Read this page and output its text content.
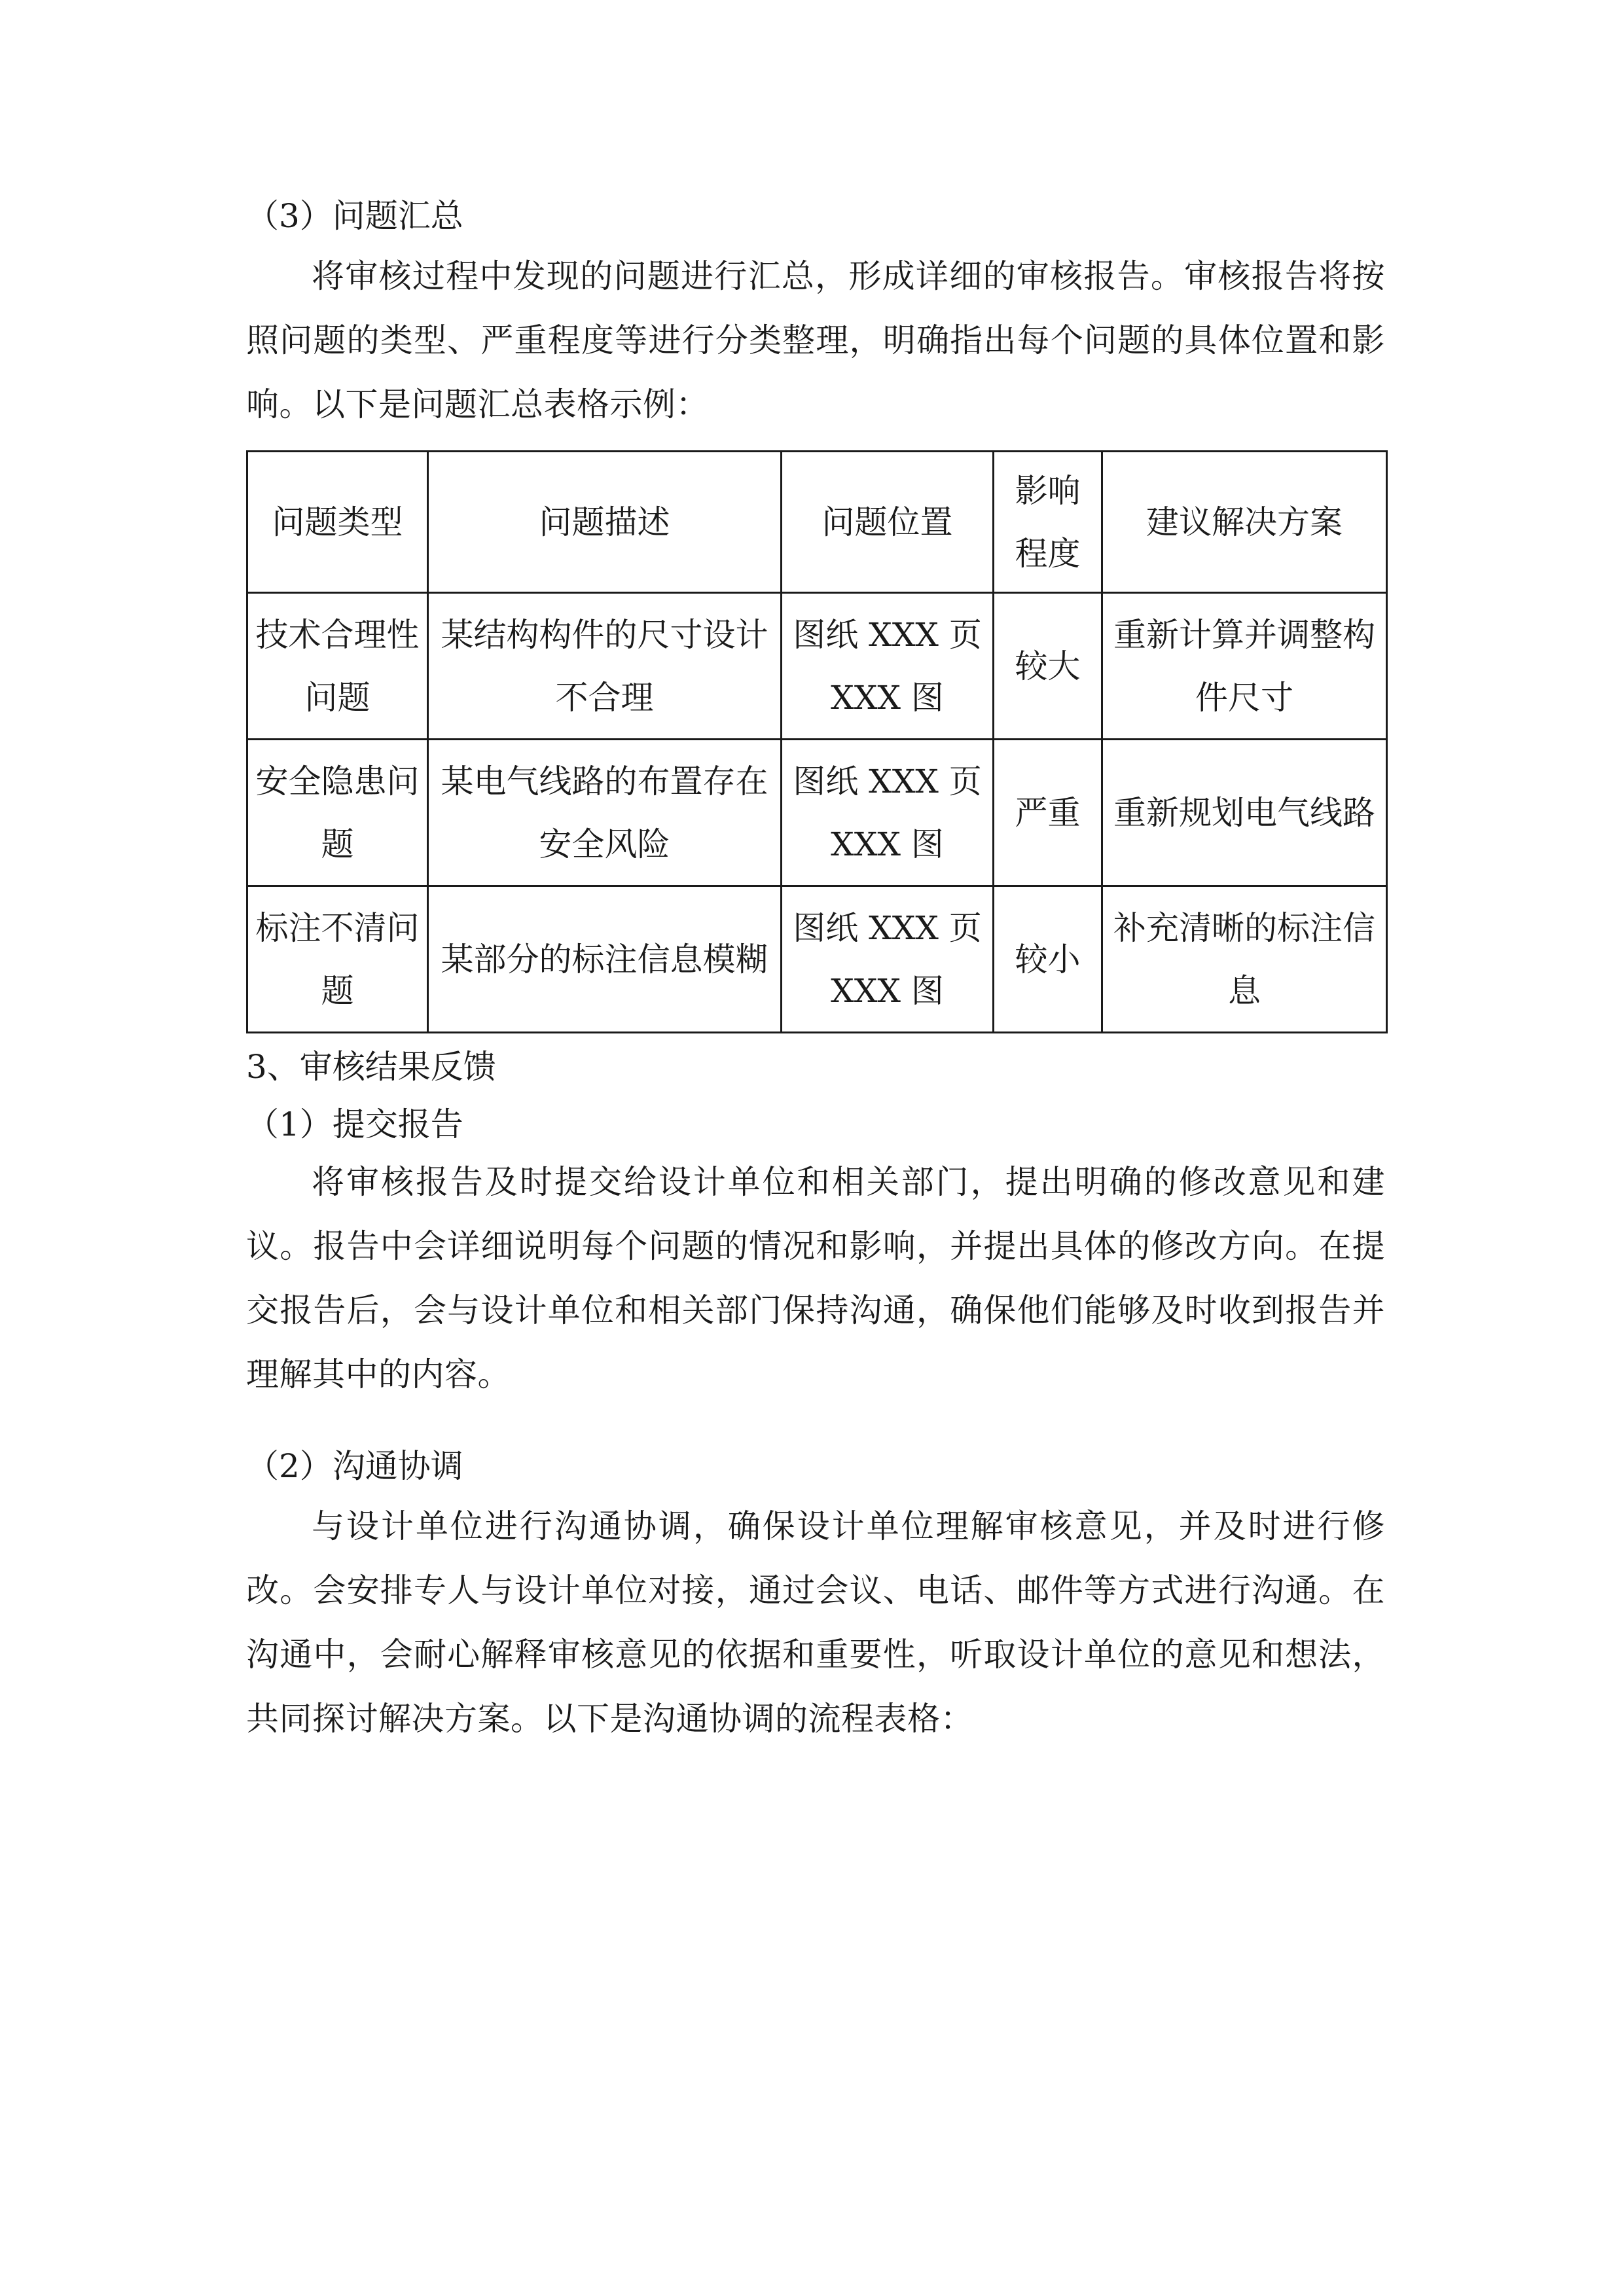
（3）问题汇总
将审核过程中发现的问题进行汇总，形成详细的审核报告。审核报告将按照问题的类型、严重程度等进行分类整理，明确指出每个问题的具体位置和影响。以下是问题汇总表格示例：
问题类型	问题描述	问题位置	影响程度	建议解决方案
技术合理性问题	某结构构件的尺寸设计不合理	图纸 XXX 页 XXX 图	较大	重新计算并调整构件尺寸
安全隐患问题	某电气线路的布置存在安全风险	图纸 XXX 页 XXX 图	严重	重新规划电气线路
标注不清问题	某部分的标注信息模糊	图纸 XXX 页 XXX 图	较小	补充清晰的标注信息
3、审核结果反馈
（1）提交报告
将审核报告及时提交给设计单位和相关部门，提出明确的修改意见和建议。报告中会详细说明每个问题的情况和影响，并提出具体的修改方向。在提交报告后，会与设计单位和相关部门保持沟通，确保他们能够及时收到报告并理解其中的内容。
（2）沟通协调
与设计单位进行沟通协调，确保设计单位理解审核意见，并及时进行修改。会安排专人与设计单位对接，通过会议、电话、邮件等方式进行沟通。在沟通中，会耐心解释审核意见的依据和重要性，听取设计单位的意见和想法，共同探讨解决方案。以下是沟通协调的流程表格：
